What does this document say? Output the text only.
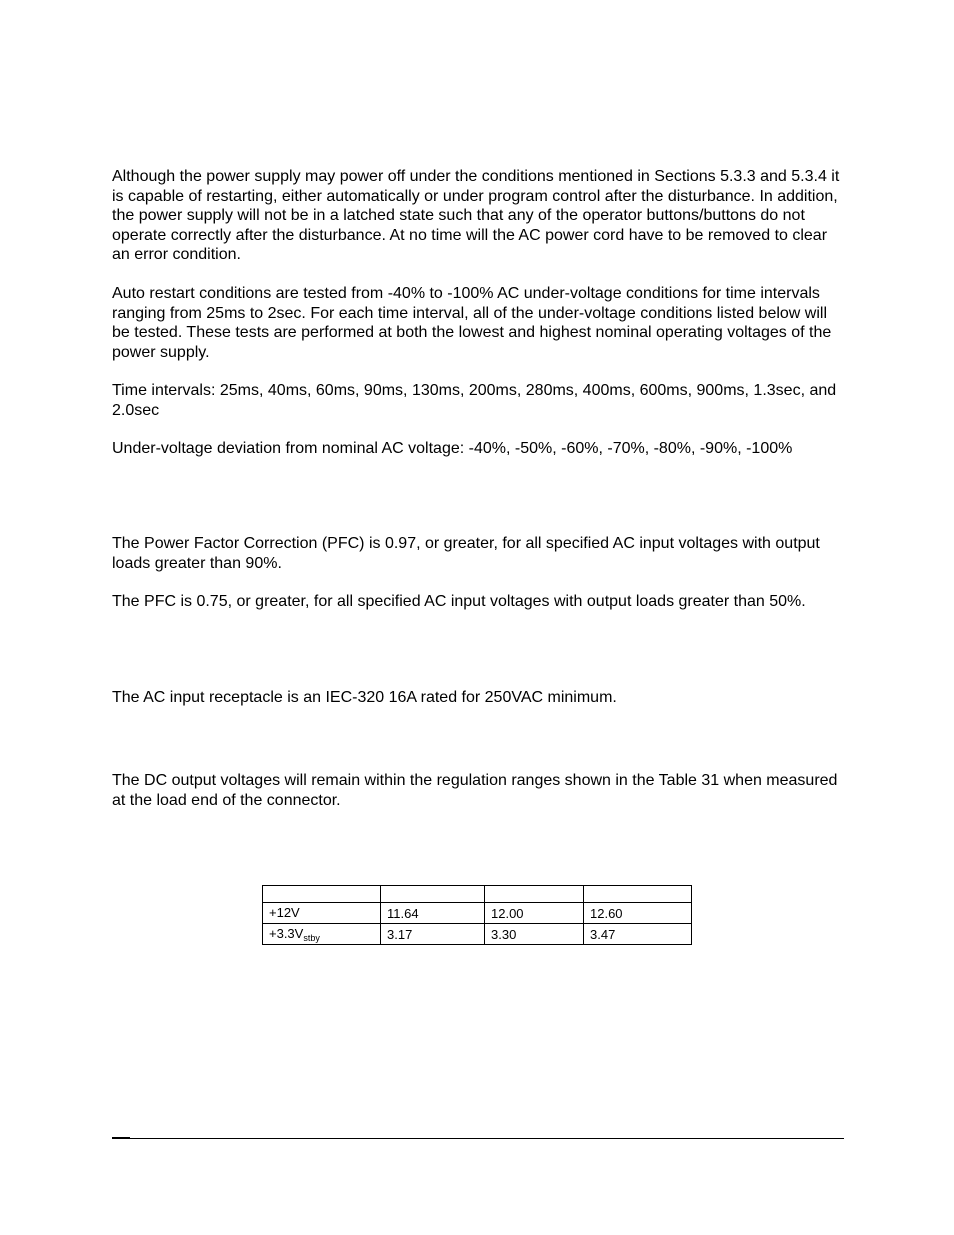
Although the power supply may power off under the conditions mentioned in Sections 5.3.3 and 5.3.4 it is capable of restarting, either automatically or under program control after the disturbance. In addition, the power supply will not be in a latched state such that any of the operator buttons/buttons do not operate correctly after the disturbance. At no time will the AC power cord have to be removed to clear an error condition.

Auto restart conditions are tested from -40% to -100% AC under-voltage conditions for time intervals ranging from 25ms to 2sec. For each time interval, all of the under-voltage conditions listed below will be tested. These tests are performed at both the lowest and highest nominal operating voltages of the power supply.

Time intervals: 25ms, 40ms, 60ms, 90ms, 130ms, 200ms, 280ms, 400ms, 600ms, 900ms, 1.3sec, and 2.0sec

Under-voltage deviation from nominal AC voltage: -40%, -50%, -60%, -70%, -80%, -90%, -100%

The Power Factor Correction (PFC) is 0.97, or greater, for all specified AC input voltages with output loads greater than 90%.

The PFC is 0.75, or greater, for all specified AC input voltages with output loads greater than 50%.

The AC input receptacle is an IEC-320 16A rated for 250VAC minimum.

The DC output voltages will remain within the regulation ranges shown in the Table 31 when measured at the load end of the connector.

+12V	11.64	12.00	12.60
$+3.3V_{stby}$	3.17	3.30	3.47
